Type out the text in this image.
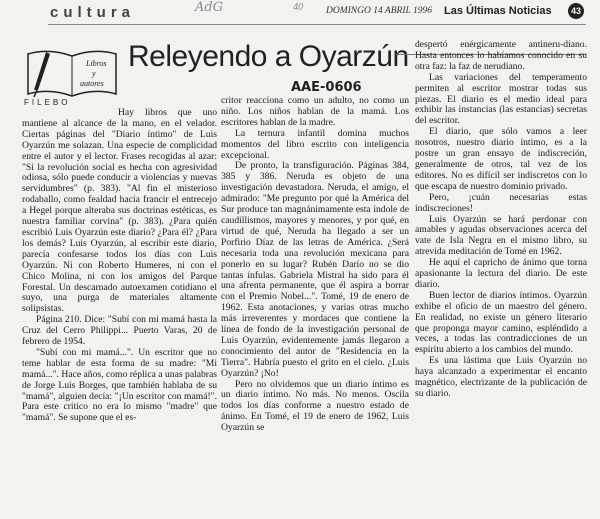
cultura	AdG	40 DOMINGO 14 ABRIL 1996 Las Últimas Noticias	43
Libros
y
autores
FILEBO
Releyendo a Oyarzún
AAE-0606

Hay libros que uno mantiene al alcance de la mano, en el velador. Ciertas páginas del "Diario íntimo" de Luis Oyarzún me solazan. Una especie de complicidad entre el autor y el lector. Frases recogidas al azar: "Si la revolución social es hecha con agresividad odiosa, sólo puede conducir a violencias y nuevas servidumbres" (p. 383). "Al fin el misterioso rodaballo, como fealdad hacia francir el entrecejo a Hegel porque alteraba sus doctrinas estéticas, es nuestra familiar corvina" (p. 383). ¿Para quién escribió Luis Oyarzún este diario? ¿Para él? ¿Para los demás? Luis Oyarzún, al escribir este diario, parecía confesarse todos los días con Luis Oyarzún. Ni con Roberto Humeres, ni con el Chico Molina, ni con los amigos del Parque Forestal. Un descarnado autoexamen cotidiano el suyo, una purga de materiales altamente solipsistas.

Página 210. Dice: "Subí con mi mamá hasta la Cruz del Cerro Philippi... Puerto Varas, 20 de febrero de 1954.

"Subí con mi mamá...". Un escritor que no teme hablar de esta forma de su madre: "Mi mamá...". Hace años, como réplica a unas palabras de Jorge Luis Borges, que también hablaba de su "mamá", alguien decía: "¡Un escritor con mamá!". Para este crítico no era lo mismo "madre" que "mamá". Se supone que el es-

critor reacciona como un adulto, no como un niño. Los niños hablan de la mamá. Los escritores hablan de la madre.

La ternura infantil domina muchos momentos del libro escrito con inteligencia excepcional.

De pronto, la transfiguración. Páginas 384, 385 y 386. Neruda es objeto de una investigación devastadora. Neruda, el amigo, el admirado: "Me pregunto por qué la América del Sur produce tan magnánimamente esta índole de caudillismos, mayores y menores, y por qué, en virtud de qué, Neruda ha llegado a ser un Porfirio Díaz de las letras de América. ¿Será necesaria toda una revolución mexicana para ponerlo en su lugar? Rubén Darío no se dio tantas ínfulas. Gabriela Mistral ha sido para él una afrenta permanente, que él aspira a borrar con el Premio Nobel...". Tomé, 19 de enero de 1962. Esta anotaciones, y varias otras mucho más irreverentes y mordaces que contiene la línea de fondo de la investigación personal de Luis Oyarzún, evidentemente jamás llegaron a conocimiento del autor de "Residencia en la Tierra". Habría puesto el grito en el cielo. ¿Luis Oyarzún? ¡No!

Pero no olvidemos que un diario íntimo es un diario íntimo. No más. No menos. Oscila todos los días conforme a nuestro estado de ánimo. En Tomé, el 19 de enero de 1962, Luis Oyarzún se

despertó enérgicamente antineru-diano. Hasta entonces lo habíamos conocido en su otra faz: la faz de nerudiano.

Las variaciones del temperamento permiten al escritor mostrar todas sus piezas. El diario es el medio ideal para exhibir las instancias (las estancias) secretas del escritor.

El diario, que sólo vamos a leer nosotros, nuestro diario íntimo, es a la postre un gran ensayo de indiscreción, generalmente de otros, tal vez de los editores. No es difícil ser indiscretos con lo que escapa de nuestro dominio privado.

Pero, ¡cuán necesarias estas indiscreciones!

Luis Oyarzún se hará perdonar con amables y agudas observaciones acerca del vate de Isla Negra en el mismo libro, su atrevida meditación de Tomé en 1962.

He aquí el capricho de ánimo que torna apasionante la lectura del diario. De este diario.

Buen lector de diarios íntimos. Oyarzún exhibe el oficio de un maestro del género. En realidad, no existe un género literario que proponga mayor camino, espléndido a veces, a todas las contradicciones de un espíritu abierto a los cambios del mundo.

Es una lástima que Luis Oyarzún no haya alcanzado a experimentar el encanto magnético, electrizante de la publicación de su diario.
